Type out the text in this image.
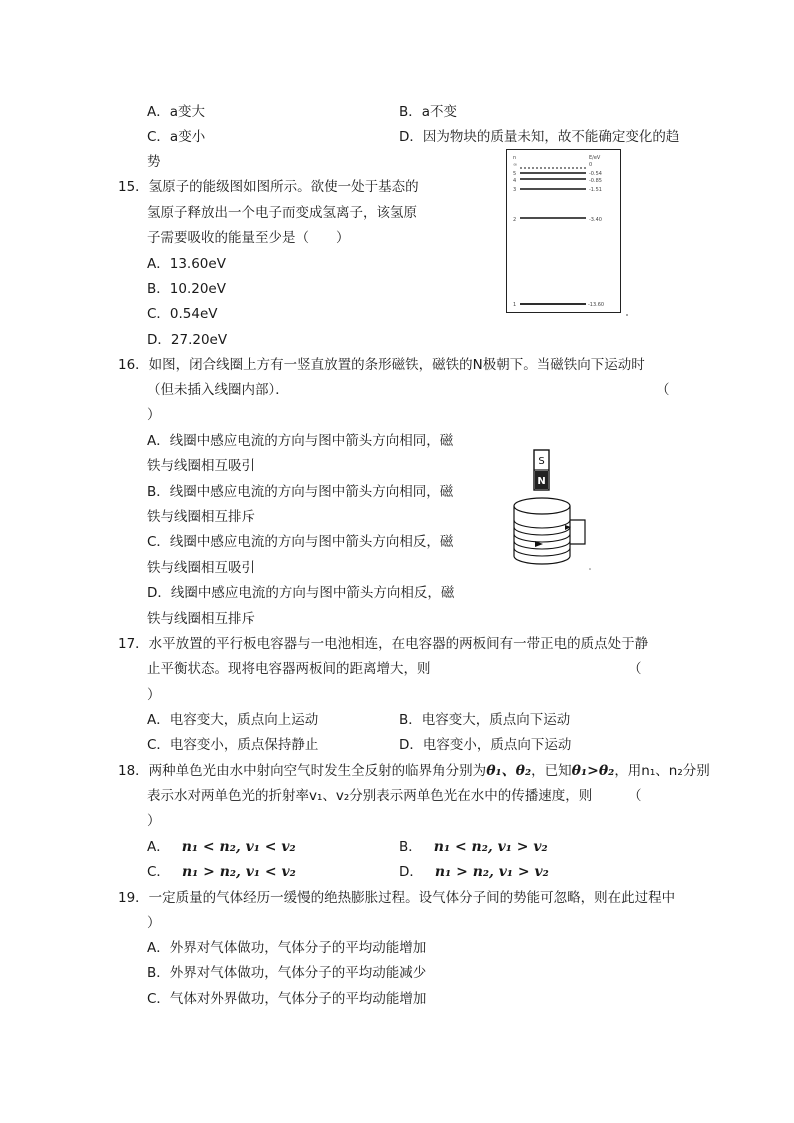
A．a变大	B．a不变
C．a变小	D．因为物块的质量未知，故不能确定变化的趋
势
15．氢原子的能级图如图所示。欲使一处于基态的
氢原子释放出一个电子而变成氢离子，该氢原
子需要吸收的能量至少是（　　）
A．13.60eV
B．10.20eV
C．0.54eV
D．27.20eV
n	E/eV
∞	0
5	-0.54
4	-0.85
3	-1.51
2	-3.40
1	-13.60
16．如图，闭合线圈上方有一竖直放置的条形磁铁，磁铁的N极朝下。当磁铁向下运动时
（但未插入线圈内部）．	（
）
A．线圈中感应电流的方向与图中箭头方向相同，磁
铁与线圈相互吸引
B．线圈中感应电流的方向与图中箭头方向相同，磁
铁与线圈相互排斥
C．线圈中感应电流的方向与图中箭头方向相反，磁
铁与线圈相互吸引
D．线圈中感应电流的方向与图中箭头方向相反，磁
铁与线圈相互排斥
S
N
17．水平放置的平行板电容器与一电池相连，在电容器的两板间有一带正电的质点处于静
止平衡状态。现将电容器两板间的距离增大，则	（
）
A．电容变大，质点向上运动	B．电容变大，质点向下运动
C．电容变小，质点保持静止	D．电容变小，质点向下运动
18．两种单色光由水中射向空气时发生全反射的临界角分别为θ₁、θ₂，已知θ₁>θ₂，用n₁、n₂分别
表示水对两单色光的折射率v₁、v₂分别表示两单色光在水中的传播速度，则	（
）
A． n₁ < n₂, v₁ < v₂	B． n₁ < n₂, v₁ > v₂
C． n₁ > n₂, v₁ < v₂	D． n₁ > n₂, v₁ > v₂
19．一定质量的气体经历一缓慢的绝热膨胀过程。设气体分子间的势能可忽略，则在此过程中
）
A．外界对气体做功，气体分子的平均动能增加
B．外界对气体做功，气体分子的平均动能减少
C．气体对外界做功，气体分子的平均动能增加
